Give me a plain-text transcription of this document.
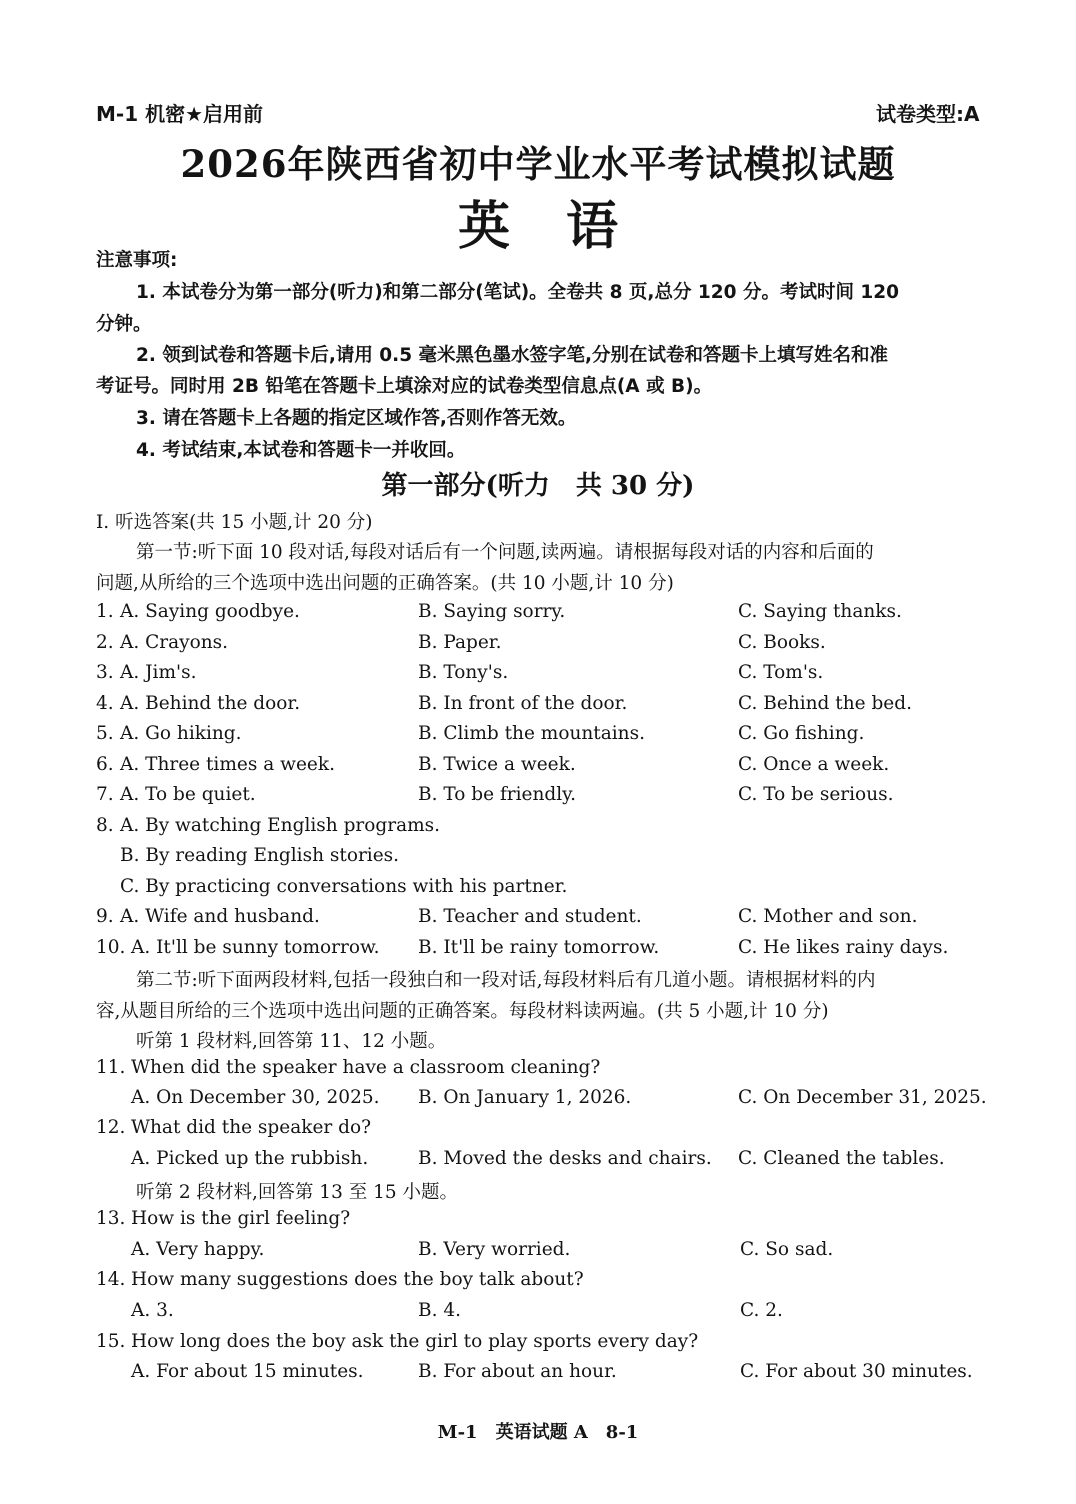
M-1 机密★启用前	试卷类型:A
2026年陕西省初中学业水平考试模拟试题
英 语
注意事项:
1. 本试卷分为第一部分(听力)和第二部分(笔试)。全卷共 8 页,总分 120 分。考试时间 120
分钟。
2. 领到试卷和答题卡后,请用 0.5 毫米黑色墨水签字笔,分别在试卷和答题卡上填写姓名和准
考证号。同时用 2B 铅笔在答题卡上填涂对应的试卷类型信息点(A 或 B)。
3. 请在答题卡上各题的指定区域作答,否则作答无效。
4. 考试结束,本试卷和答题卡一并收回。
第一部分(听力　共 30 分)
I. 听选答案(共 15 小题,计 20 分)
第一节:听下面 10 段对话,每段对话后有一个问题,读两遍。请根据每段对话的内容和后面的
问题,从所给的三个选项中选出问题的正确答案。(共 10 小题,计 10 分)
1. A. Saying goodbye.	B. Saying sorry.	C. Saying thanks.
2. A. Crayons.	B. Paper.	C. Books.
3. A. Jim's.	B. Tony's.	C. Tom's.
4. A. Behind the door.	B. In front of the door.	C. Behind the bed.
5. A. Go hiking.	B. Climb the mountains.	C. Go fishing.
6. A. Three times a week.	B. Twice a week.	C. Once a week.
7. A. To be quiet.	B. To be friendly.	C. To be serious.
8. A. By watching English programs.
B. By reading English stories.
C. By practicing conversations with his partner.
9. A. Wife and husband.	B. Teacher and student.	C. Mother and son.
10. A. It'll be sunny tomorrow. B. It'll be rainy tomorrow.	C. He likes rainy days.
第二节:听下面两段材料,包括一段独白和一段对话,每段材料后有几道小题。请根据材料的内
容,从题目所给的三个选项中选出问题的正确答案。每段材料读两遍。(共 5 小题,计 10 分)
听第 1 段材料,回答第 11、12 小题。
11. When did the speaker have a classroom cleaning?
A. On December 30, 2025. B. On January 1, 2026.	C. On December 31, 2025.
12. What did the speaker do?
A. Picked up the rubbish.	B. Moved the desks and chairs. C. Cleaned the tables.
听第 2 段材料,回答第 13 至 15 小题。
13. How is the girl feeling?
A. Very happy.	B. Very worried.	C. So sad.
14. How many suggestions does the boy talk about?
A. 3.	B. 4.	C. 2.
15. How long does the boy ask the girl to play sports every day?
A. For about 15 minutes.	B. For about an hour.	C. For about 30 minutes.
M-1　英语试题 A　8-1
